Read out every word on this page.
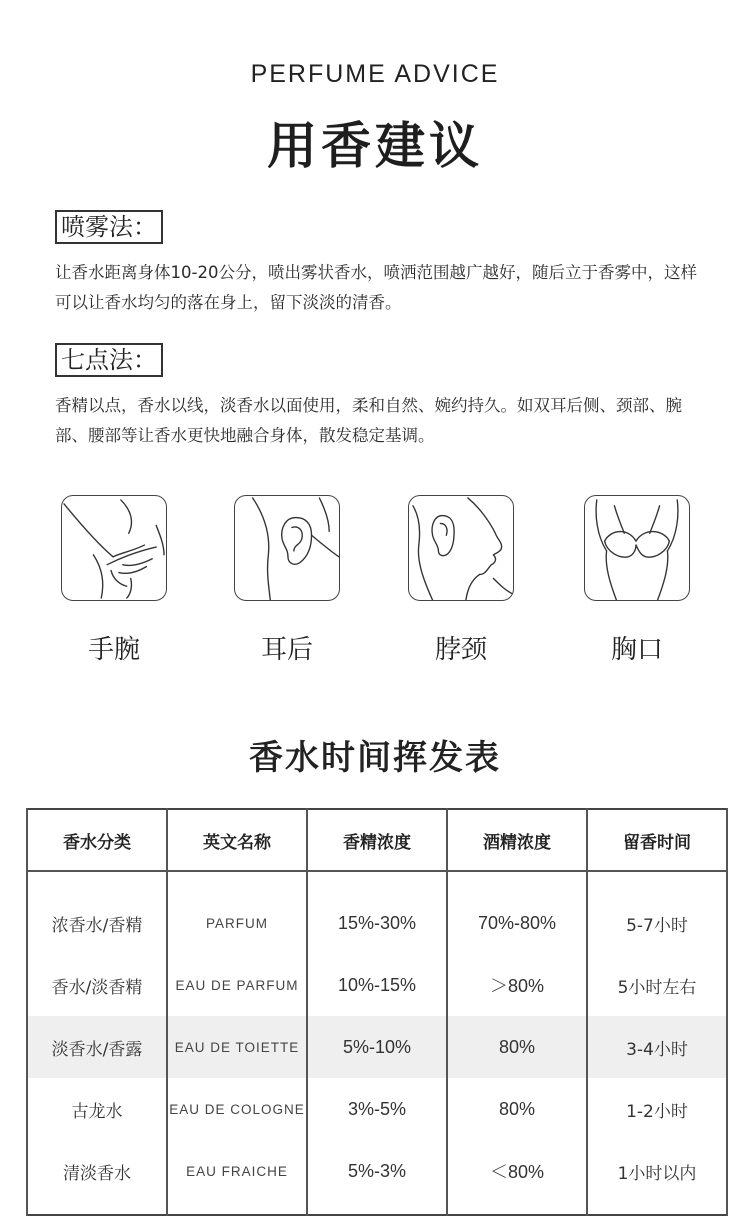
PERFUME ADVICE
用香建议
喷雾法：
让香水距离身体10-20公分，喷出雾状香水，喷洒范围越广越好，随后立于香雾中，这样可以让香水均匀的落在身上，留下淡淡的清香。
七点法：
香精以点，香水以线，淡香水以面使用，柔和自然、婉约持久。如双耳后侧、颈部、腕部、腰部等让香水更快地融合身体，散发稳定基调。
手腕	耳后	脖颈	胸口
香水时间挥发表
香水分类	英文名称	香精浓度	酒精浓度	留香时间
浓香水/香精	PARFUM	15%-30%	70%-80%	5-7小时
香水/淡香精	EAU DE PARFUM	10%-15%	＞80%	5小时左右
淡香水/香露	EAU DE TOIETTE	5%-10%	80%	3-4小时
古龙水	EAU DE COLOGNE	3%-5%	80%	1-2小时
清淡香水	EAU FRAICHE	5%-3%	＜80%	1小时以内
